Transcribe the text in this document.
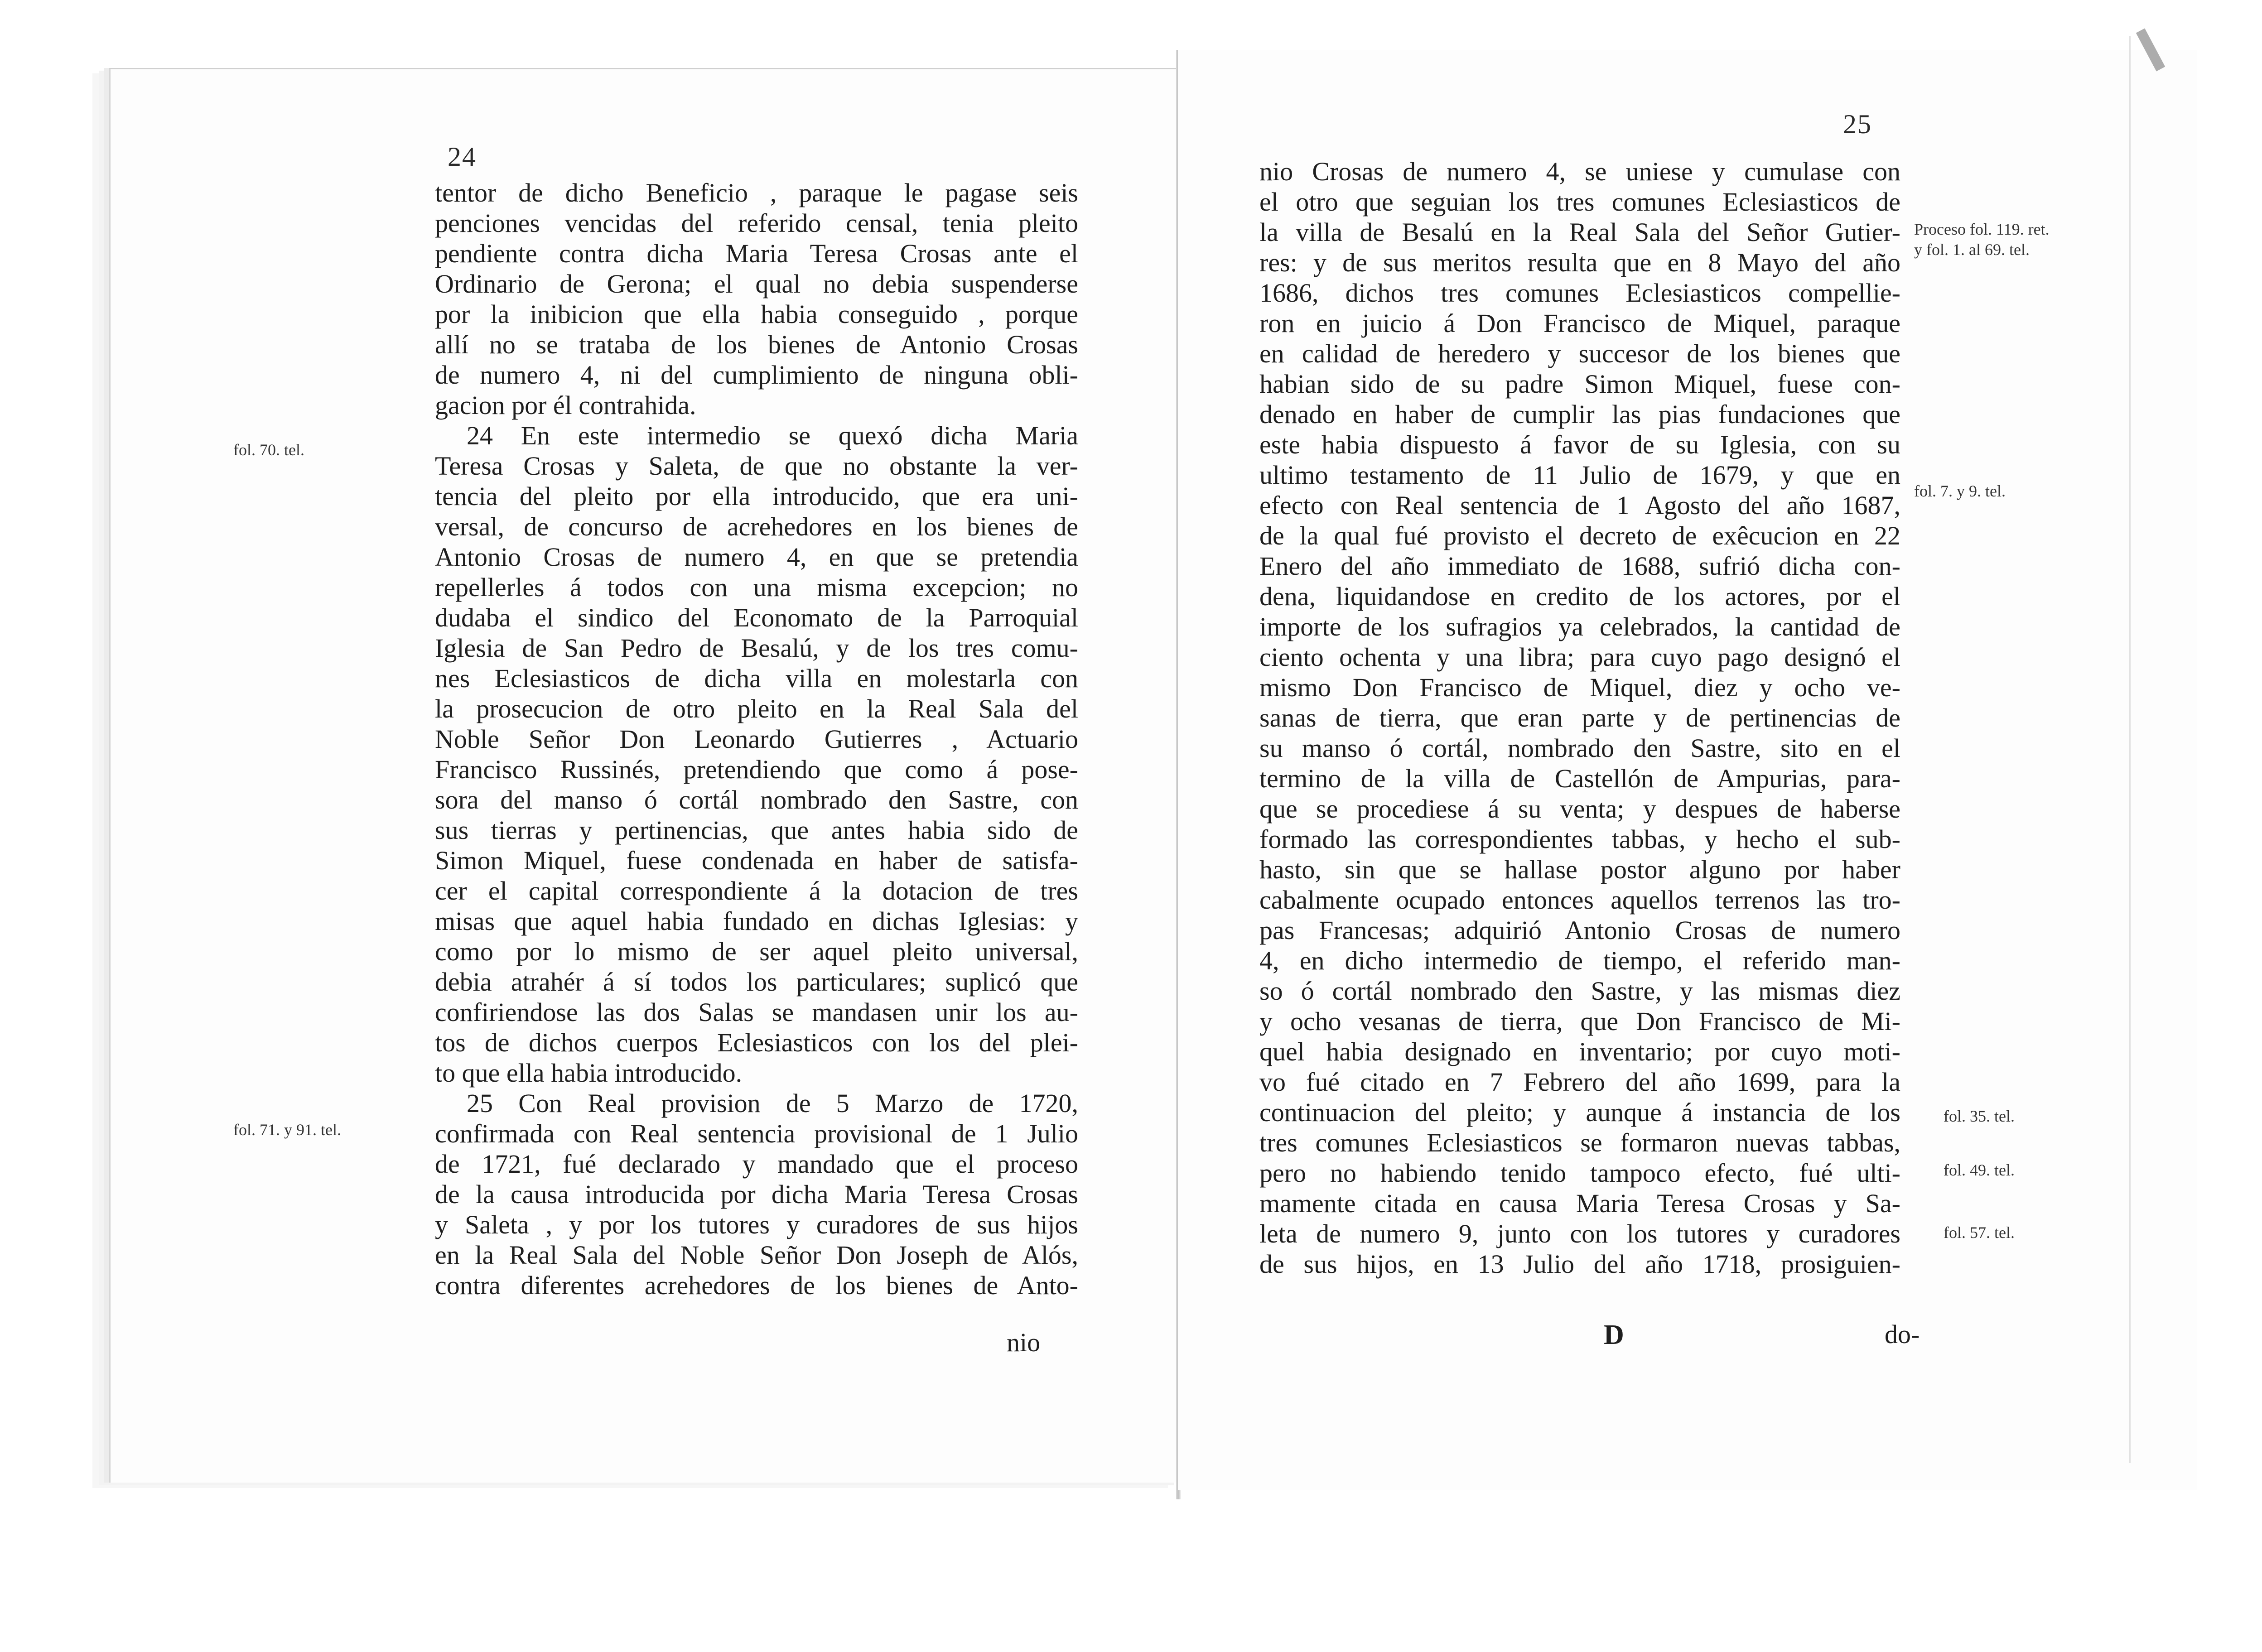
24
tentor de dicho Beneficio , paraque le pagase seis
penciones vencidas del referido censal, tenia pleito
pendiente contra dicha Maria Teresa Crosas ante el
Ordinario de Gerona; el qual no debia suspenderse
por la inibicion que ella habia conseguido , porque
allí no se trataba de los bienes de Antonio Crosas
de numero 4, ni del cumplimiento de ninguna obli-
gacion por él contrahida.
24 En este intermedio se quexó dicha Maria
Teresa Crosas y Saleta, de que no obstante la ver-
tencia del pleito por ella introducido, que era uni-
versal, de concurso de acrehedores en los bienes de
Antonio Crosas de numero 4, en que se pretendia
repellerles á todos con una misma excepcion; no
dudaba el sindico del Economato de la Parroquial
Iglesia de San Pedro de Besalú, y de los tres comu-
nes Eclesiasticos de dicha villa en molestarla con
la prosecucion de otro pleito en la Real Sala del
Noble Señor Don Leonardo Gutierres , Actuario
Francisco Russinés, pretendiendo que como á pose-
sora del manso ó cortál nombrado den Sastre, con
sus tierras y pertinencias, que antes habia sido de
Simon Miquel, fuese condenada en haber de satisfa-
cer el capital correspondiente á la dotacion de tres
misas que aquel habia fundado en dichas Iglesias: y
como por lo mismo de ser aquel pleito universal,
debia atrahér á sí todos los particulares; suplicó que
confiriendose las dos Salas se mandasen unir los au-
tos de dichos cuerpos Eclesiasticos con los del plei-
to que ella habia introducido.
25 Con Real provision de 5 Marzo de 1720,
confirmada con Real sentencia provisional de 1 Julio
de 1721, fué declarado y mandado que el proceso
de la causa introducida por dicha Maria Teresa Crosas
y Saleta , y por los tutores y curadores de sus hijos
en la Real Sala del Noble Señor Don Joseph de Alós,
contra diferentes acrehedores de los bienes de Anto-
nio
fol. 70. tel.
fol. 71. y 91. tel.
25
nio Crosas de numero 4, se uniese y cumulase con
el otro que seguian los tres comunes Eclesiasticos de
la villa de Besalú en la Real Sala del Señor Gutier-
res: y de sus meritos resulta que en 8 Mayo del año
1686, dichos tres comunes Eclesiasticos compellie-
ron en juicio á Don Francisco de Miquel, paraque
en calidad de heredero y succesor de los bienes que
habian sido de su padre Simon Miquel, fuese con-
denado en haber de cumplir las pias fundaciones que
este habia dispuesto á favor de su Iglesia, con su
ultimo testamento de 11 Julio de 1679, y que en
efecto con Real sentencia de 1 Agosto del año 1687,
de la qual fué provisto el decreto de exêcucion en 22
Enero del año immediato de 1688, sufrió dicha con-
dena, liquidandose en credito de los actores, por el
importe de los sufragios ya celebrados, la cantidad de
ciento ochenta y una libra; para cuyo pago designó el
mismo Don Francisco de Miquel, diez y ocho ve-
sanas de tierra, que eran parte y de pertinencias de
su manso ó cortál, nombrado den Sastre, sito en el
termino de la villa de Castellón de Ampurias, para-
que se procediese á su venta; y despues de haberse
formado las correspondientes tabbas, y hecho el sub-
hasto, sin que se hallase postor alguno por haber
cabalmente ocupado entonces aquellos terrenos las tro-
pas Francesas; adquirió Antonio Crosas de numero
4, en dicho intermedio de tiempo, el referido man-
so ó cortál nombrado den Sastre, y las mismas diez
y ocho vesanas de tierra, que Don Francisco de Mi-
quel habia designado en inventario; por cuyo moti-
vo fué citado en 7 Febrero del año 1699, para la
continuacion del pleito; y aunque á instancia de los
tres comunes Eclesiasticos se formaron nuevas tabbas,
pero no habiendo tenido tampoco efecto, fué ulti-
mamente citada en causa Maria Teresa Crosas y Sa-
leta de numero 9, junto con los tutores y curadores
de sus hijos, en 13 Julio del año 1718, prosiguien-
D	do-
Proceso fol. 119. ret.
y fol. 1. al 69. tel.
fol. 7. y 9. tel.
fol. 35. tel.
fol. 49. tel.
fol. 57. tel.
